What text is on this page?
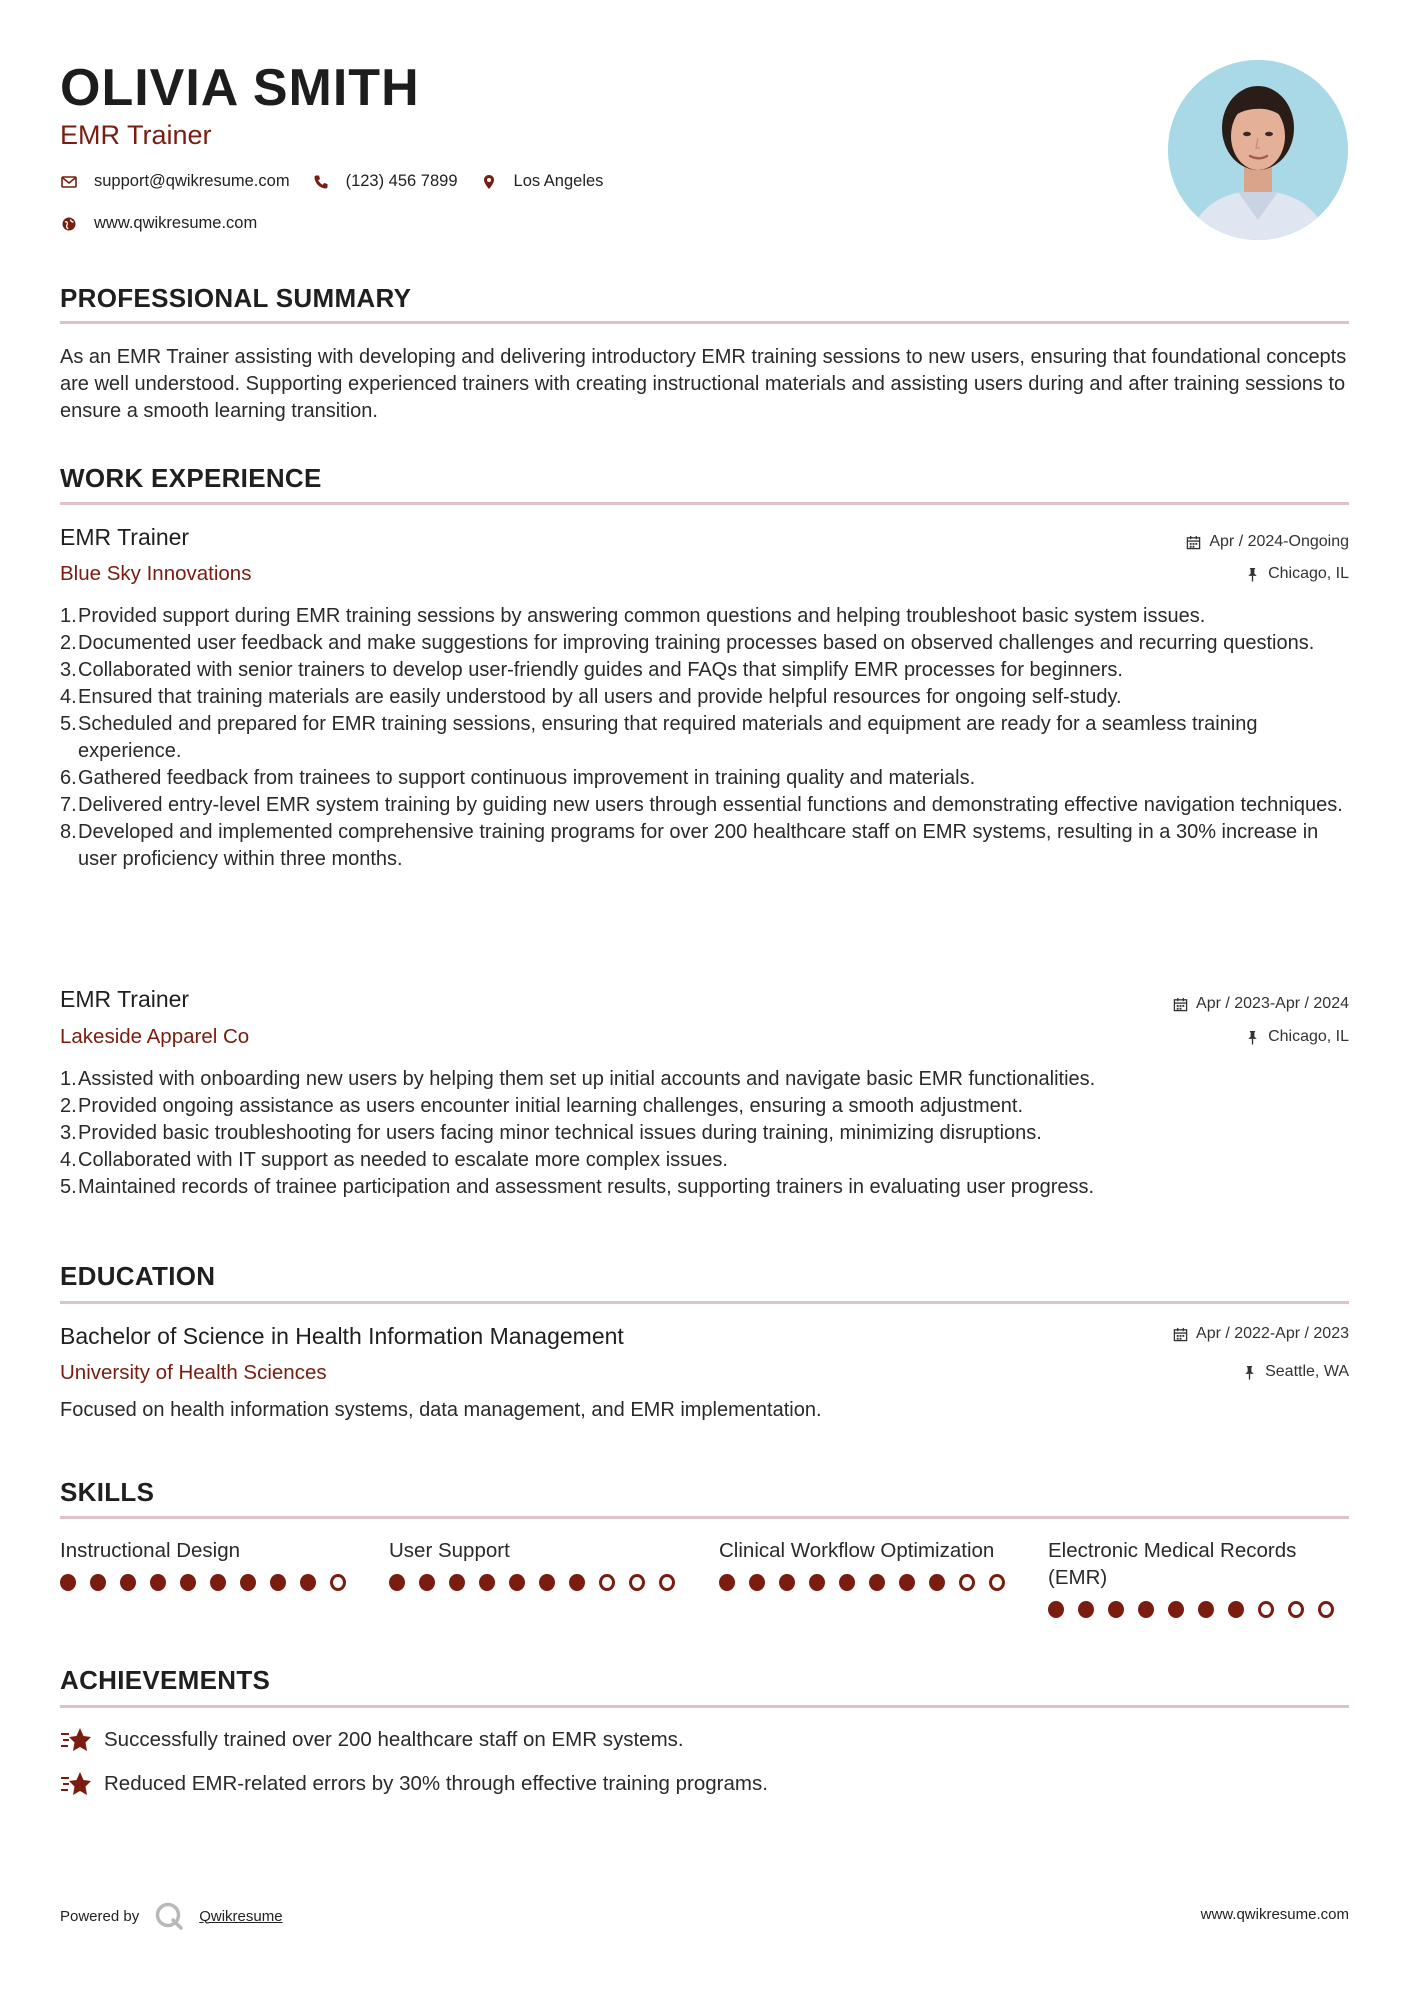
OLIVIA SMITH
EMR Trainer
support@qwikresume.com	(123) 456 7899	Los Angeles
www.qwikresume.com
PROFESSIONAL SUMMARY
As an EMR Trainer assisting with developing and delivering introductory EMR training sessions to new users, ensuring that foundational concepts are well understood. Supporting experienced trainers with creating instructional materials and assisting users during and after training sessions to ensure a smooth learning transition.
WORK EXPERIENCE
EMR Trainer	Apr / 2024-Ongoing
Blue Sky Innovations	Chicago, IL
Provided support during EMR training sessions by answering common questions and helping troubleshoot basic system issues.
Documented user feedback and make suggestions for improving training processes based on observed challenges and recurring questions.
Collaborated with senior trainers to develop user-friendly guides and FAQs that simplify EMR processes for beginners.
Ensured that training materials are easily understood by all users and provide helpful resources for ongoing self-study.
Scheduled and prepared for EMR training sessions, ensuring that required materials and equipment are ready for a seamless training experience.
Gathered feedback from trainees to support continuous improvement in training quality and materials.
Delivered entry-level EMR system training by guiding new users through essential functions and demonstrating effective navigation techniques.
Developed and implemented comprehensive training programs for over 200 healthcare staff on EMR systems, resulting in a 30% increase in user proficiency within three months.
EMR Trainer	Apr / 2023-Apr / 2024
Lakeside Apparel Co	Chicago, IL
Assisted with onboarding new users by helping them set up initial accounts and navigate basic EMR functionalities.
Provided ongoing assistance as users encounter initial learning challenges, ensuring a smooth adjustment.
Provided basic troubleshooting for users facing minor technical issues during training, minimizing disruptions.
Collaborated with IT support as needed to escalate more complex issues.
Maintained records of trainee participation and assessment results, supporting trainers in evaluating user progress.
EDUCATION
Bachelor of Science in Health Information Management	Apr / 2022-Apr / 2023
University of Health Sciences	Seattle, WA
Focused on health information systems, data management, and EMR implementation.
SKILLS
Instructional Design	User Support	Clinical Workflow Optimization	Electronic Medical Records (EMR)
ACHIEVEMENTS
Successfully trained over 200 healthcare staff on EMR systems.
Reduced EMR-related errors by 30% through effective training programs.
Powered by	Qwikresume	www.qwikresume.com
